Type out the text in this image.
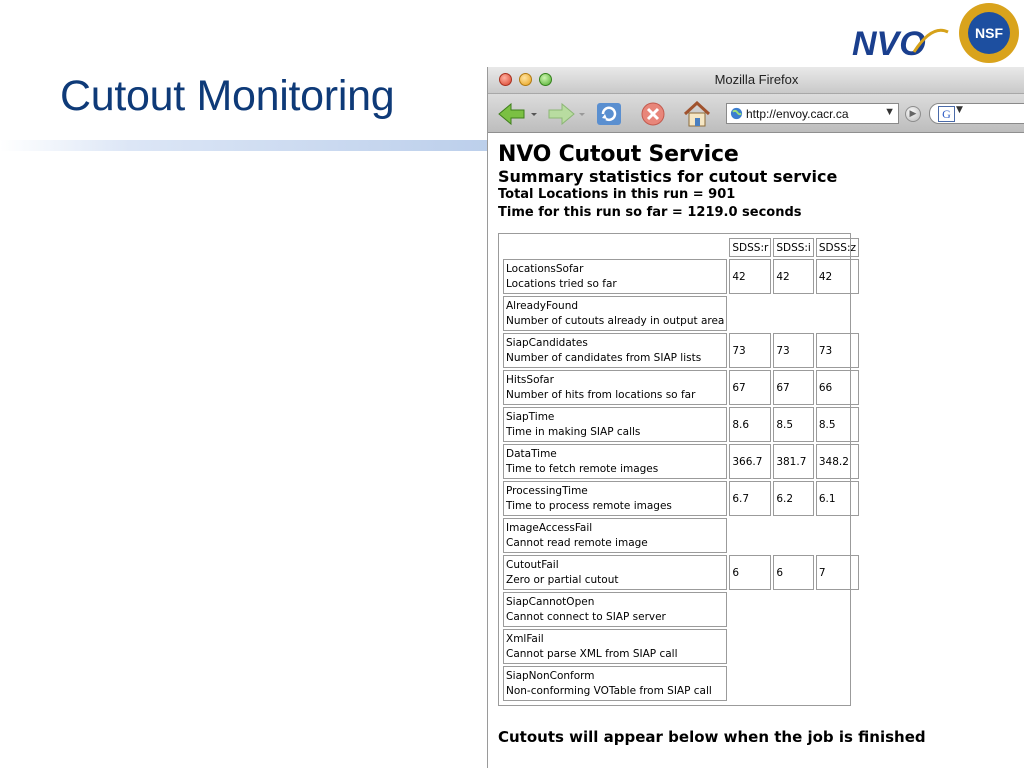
Cutout Monitoring
NVO	NSF
Mozilla Firefox
http://envoy.cacr.ca	▼	▶	G ▼

NVO Cutout Service

Summary statistics for cutout service

Total Locations in this run = 901

Time for this run so far = 1219.0 seconds

	SDSS:r	SDSS:i	SDSS:z
LocationsSofar
Locations tried so far	42	42	42
AlreadyFound
Number of cutouts already in output area			
SiapCandidates
Number of candidates from SIAP lists	73	73	73
HitsSofar
Number of hits from locations so far	67	67	66
SiapTime
Time in making SIAP calls	8.6	8.5	8.5
DataTime
Time to fetch remote images	366.7	381.7	348.2
ProcessingTime
Time to process remote images	6.7	6.2	6.1
ImageAccessFail
Cannot read remote image			
CutoutFail
Zero or partial cutout	6	6	7
SiapCannotOpen
Cannot connect to SIAP server			
XmlFail
Cannot parse XML from SIAP call			
SiapNonConform
Non-conforming VOTable from SIAP call			

Cutouts will appear below when the job is finished
